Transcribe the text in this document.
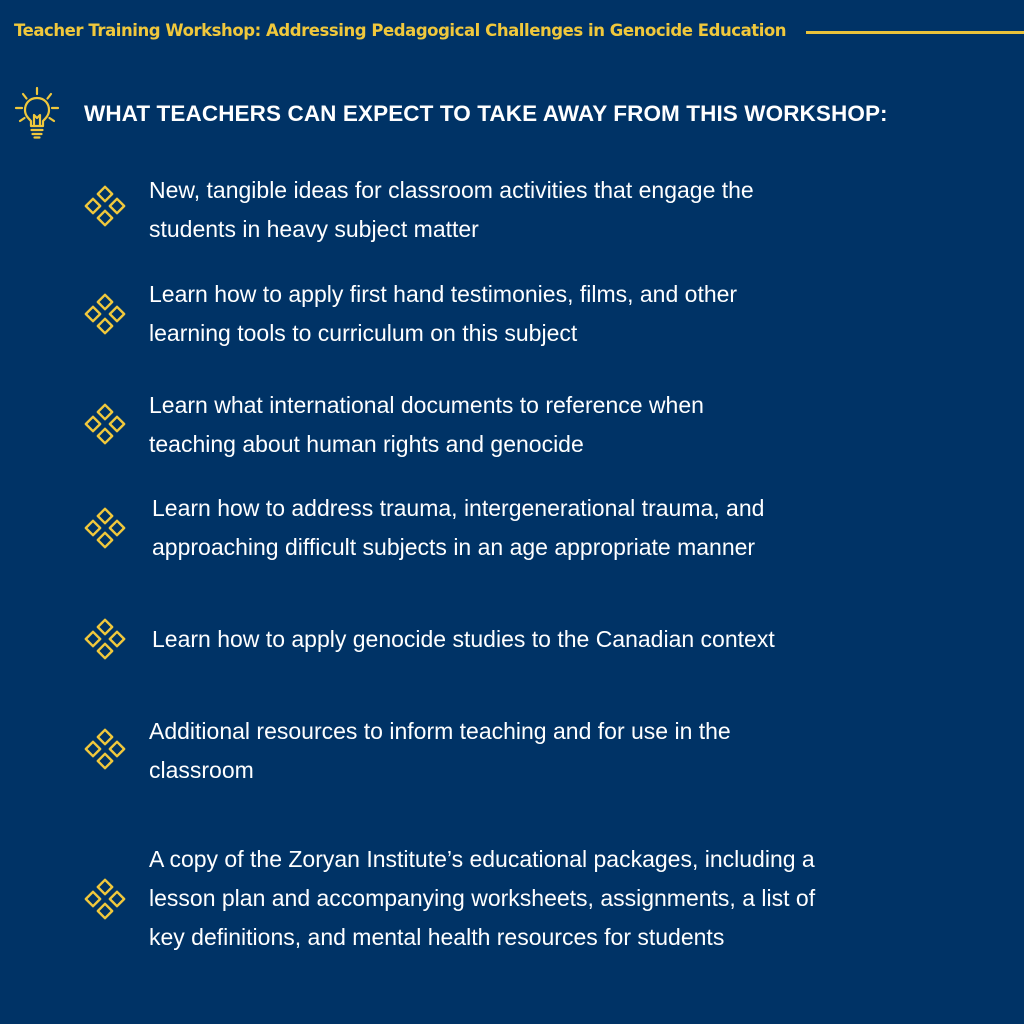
Teacher Training Workshop: Addressing Pedagogical Challenges in Genocide Education
WHAT TEACHERS CAN EXPECT TO TAKE AWAY FROM THIS WORKSHOP:
New, tangible ideas for classroom activities that engage the
students in heavy subject matter
Learn how to apply first hand testimonies, films, and other
learning tools to curriculum on this subject
Learn what international documents to reference when
teaching about human rights and genocide
Learn how to address trauma, intergenerational trauma, and
approaching difficult subjects in an age appropriate manner
Learn how to apply genocide studies to the Canadian context
Additional resources to inform teaching and for use in the
classroom
A copy of the Zoryan Institute’s educational packages, including a
lesson plan and accompanying worksheets, assignments, a list of
key definitions, and mental health resources for students
